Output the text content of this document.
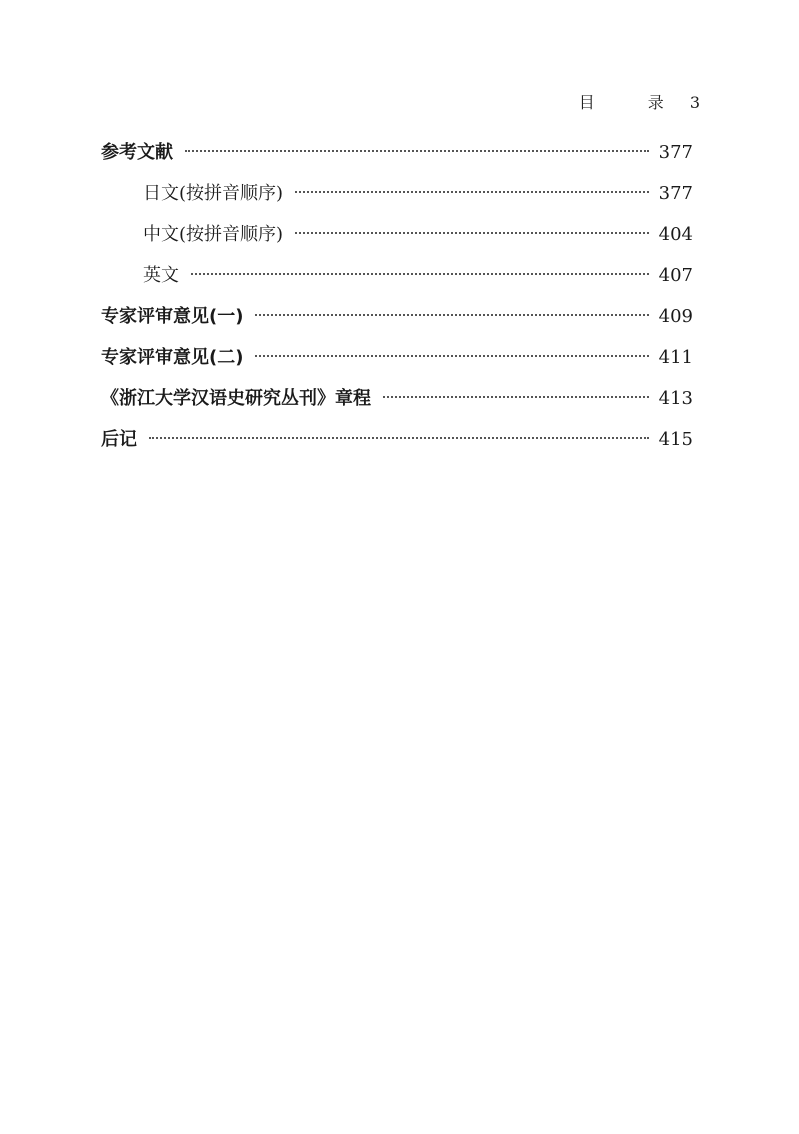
目 录 3
参考文献	377
日文(按拼音顺序)	377
中文(按拼音顺序)	404
英文	407
专家评审意见(一)	409
专家评审意见(二)	411
《浙江大学汉语史研究丛刊》章程	413
后记	415
